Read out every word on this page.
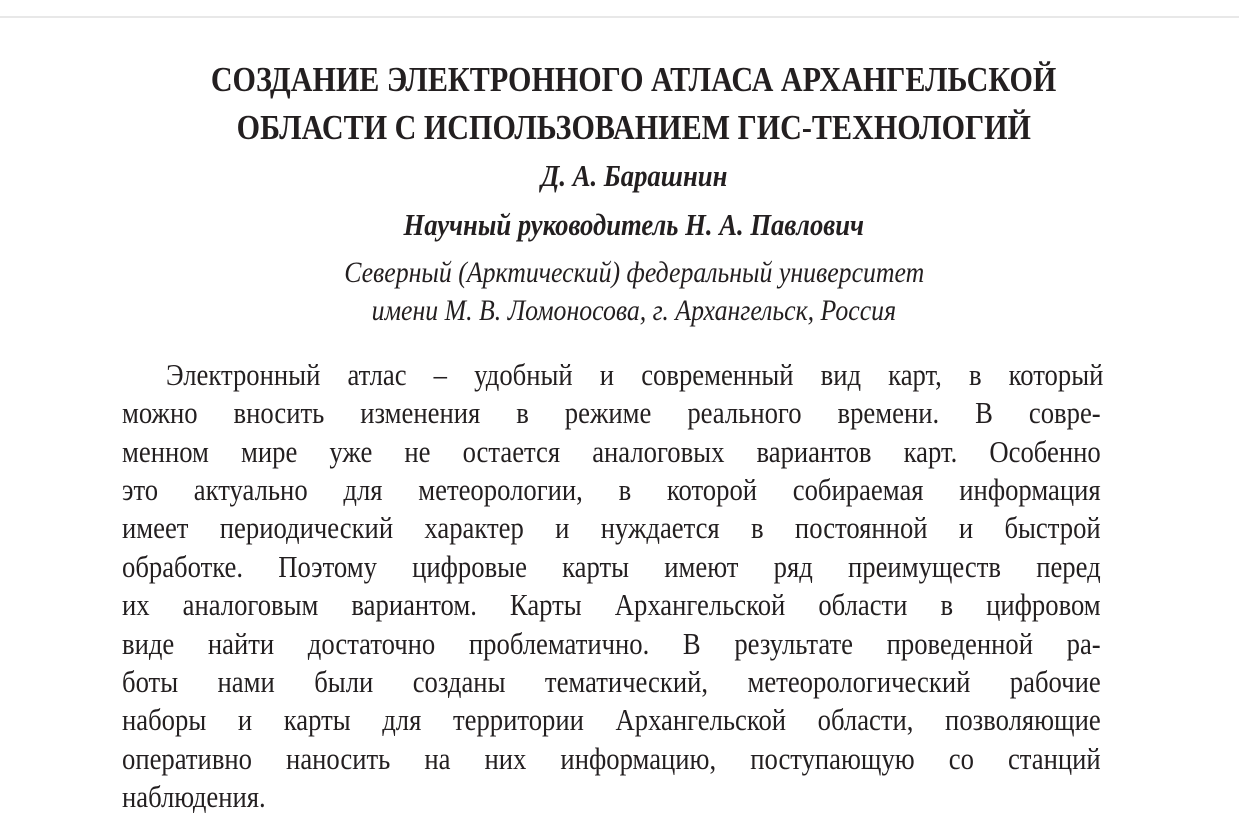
СОЗДАНИЕ ЭЛЕКТРОННОГО АТЛАСА АРХАНГЕЛЬСКОЙ
ОБЛАСТИ С ИСПОЛЬЗОВАНИЕМ ГИС-ТЕХНОЛОГИЙ
Д. А. Барашнин
Научный руководитель Н. А. Павлович
Северный (Арктический) федеральный университет
имени М. В. Ломоносова, г. Архангельск, Россия
Электронный атлас – удобный и современный вид карт, в который
можно вносить изменения в режиме реального времени. В совре-
менном мире уже не остается аналоговых вариантов карт. Особенно
это актуально для метеорологии, в которой собираемая информация
имеет периодический характер и нуждается в постоянной и быстрой
обработке. Поэтому цифровые карты имеют ряд преимуществ перед
их аналоговым вариантом. Карты Архангельской области в цифровом
виде найти достаточно проблематично. В результате проведенной ра-
боты нами были созданы тематический, метеорологический рабочие
наборы и карты для территории Архангельской области, позволяющие
оперативно наносить на них информацию, поступающую со станций
наблюдения.
